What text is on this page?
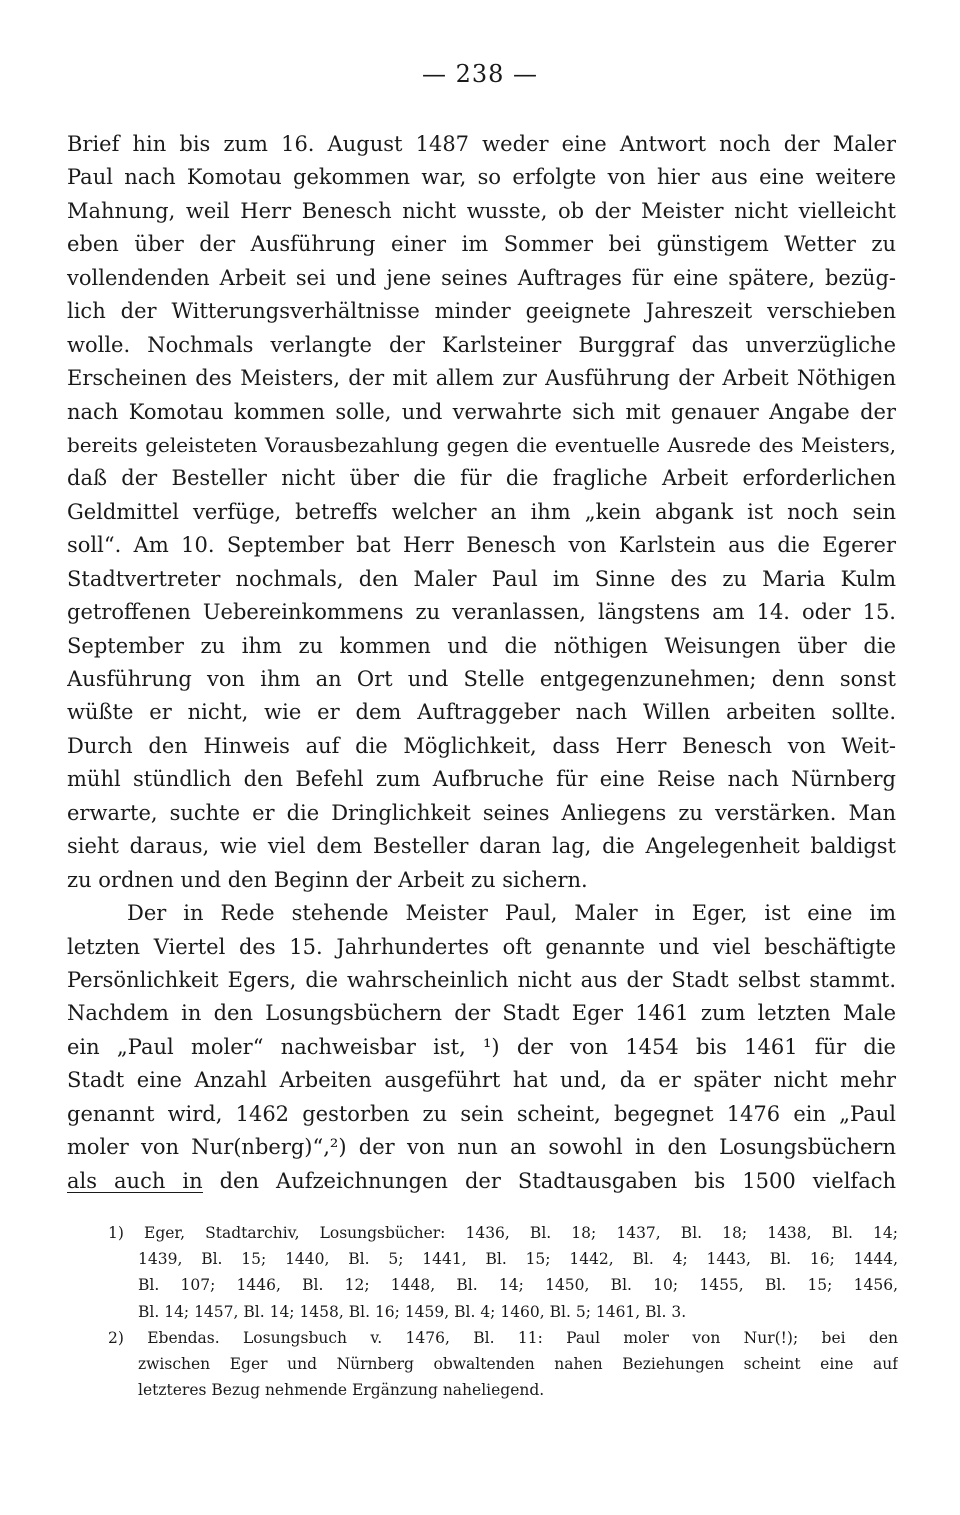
— 238 —
Brief hin bis zum 16. August 1487 weder eine Antwort noch der Maler
Paul nach Komotau gekommen war, so erfolgte von hier aus eine weitere
Mahnung, weil Herr Benesch nicht wusste, ob der Meister nicht vielleicht
eben über der Ausführung einer im Sommer bei günstigem Wetter zu
vollendenden Arbeit sei und jene seines Auftrages für eine spätere, bezüg-
lich der Witterungsverhältnisse minder geeignete Jahreszeit verschieben
wolle. Nochmals verlangte der Karlsteiner Burggraf das unverzügliche
Erscheinen des Meisters, der mit allem zur Ausführung der Arbeit Nöthigen
nach Komotau kommen solle, und verwahrte sich mit genauer Angabe der
bereits geleisteten Vorausbezahlung gegen die eventuelle Ausrede des Meisters,
daß der Besteller nicht über die für die fragliche Arbeit erforderlichen
Geldmittel verfüge, betreffs welcher an ihm „kein abgank ist noch sein
soll“. Am 10. September bat Herr Benesch von Karlstein aus die Egerer
Stadtvertreter nochmals, den Maler Paul im Sinne des zu Maria Kulm
getroffenen Uebereinkommens zu veranlassen, längstens am 14. oder 15.
September zu ihm zu kommen und die nöthigen Weisungen über die
Ausführung von ihm an Ort und Stelle entgegenzunehmen; denn sonst
wüßte er nicht, wie er dem Auftraggeber nach Willen arbeiten sollte.
Durch den Hinweis auf die Möglichkeit, dass Herr Benesch von Weit-
mühl stündlich den Befehl zum Aufbruche für eine Reise nach Nürnberg
erwarte, suchte er die Dringlichkeit seines Anliegens zu verstärken. Man
sieht daraus, wie viel dem Besteller daran lag, die Angelegenheit baldigst
zu ordnen und den Beginn der Arbeit zu sichern.
Der in Rede stehende Meister Paul, Maler in Eger, ist eine im
letzten Viertel des 15. Jahrhundertes oft genannte und viel beschäftigte
Persönlichkeit Egers, die wahrscheinlich nicht aus der Stadt selbst stammt.
Nachdem in den Losungsbüchern der Stadt Eger 1461 zum letzten Male
ein „Paul moler“ nachweisbar ist, ¹) der von 1454 bis 1461 für die
Stadt eine Anzahl Arbeiten ausgeführt hat und, da er später nicht mehr
genannt wird, 1462 gestorben zu sein scheint, begegnet 1476 ein „Paul
moler von Nur(nberg)“,²) der von nun an sowohl in den Losungsbüchern
als auch in den Aufzeichnungen der Stadtausgaben bis 1500 vielfach
1) Eger, Stadtarchiv, Losungsbücher: 1436, Bl. 18; 1437, Bl. 18; 1438, Bl. 14;
1439, Bl. 15; 1440, Bl. 5; 1441, Bl. 15; 1442, Bl. 4; 1443, Bl. 16; 1444,
Bl. 107; 1446, Bl. 12; 1448, Bl. 14; 1450, Bl. 10; 1455, Bl. 15; 1456,
Bl. 14; 1457, Bl. 14; 1458, Bl. 16; 1459, Bl. 4; 1460, Bl. 5; 1461, Bl. 3.
2) Ebendas. Losungsbuch v. 1476, Bl. 11: Paul moler von Nur(!); bei den
zwischen Eger und Nürnberg obwaltenden nahen Beziehungen scheint eine auf
letzteres Bezug nehmende Ergänzung naheliegend.
